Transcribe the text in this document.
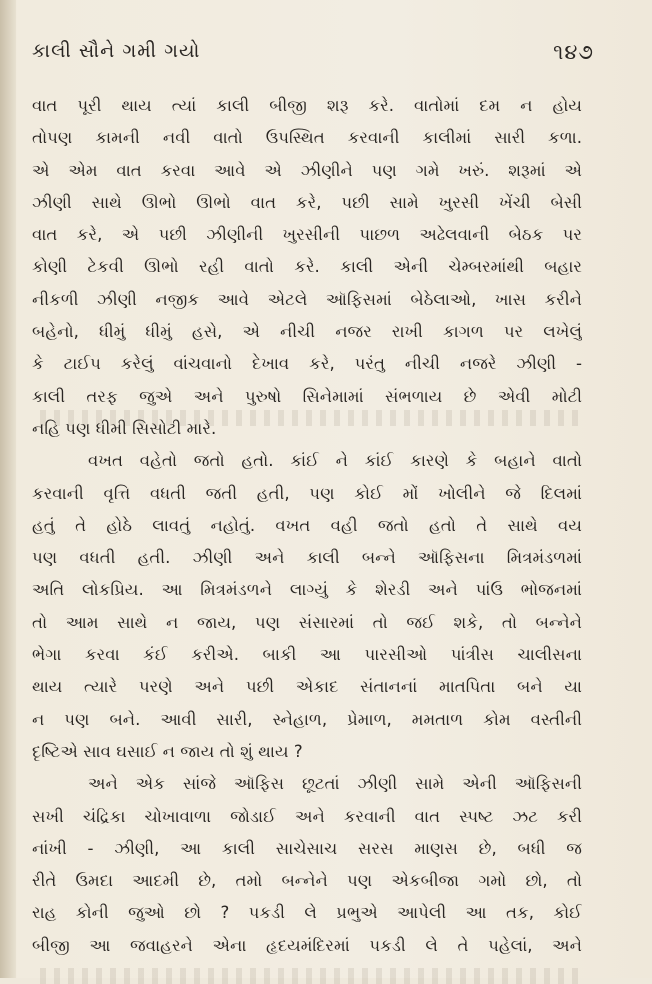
કાલી સૌને ગમી ગયો	૧૪૭
વાત પૂરી થાય ત્યાં કાલી બીજી શરૂ કરે. વાતોમાં દમ ન હોય
તોપણ કામની નવી વાતો ઉપસ્થિત કરવાની કાલીમાં સારી કળા.
એ એમ વાત કરવા આવે એ ઝીણીને પણ ગમે ખરું. શરૂમાં એ
ઝીણી સાથે ઊભો ઊભો વાત કરે, પછી સામે ખુરસી ખેંચી બેસી
વાત કરે, એ પછી ઝીણીની ખુરસીની પાછળ અઢેલવાની બેઠક પર
કોણી ટેકવી ઊભો રહી વાતો કરે. કાલી એની ચેમ્બરમાંથી બહાર
નીકળી ઝીણી નજીક આવે એટલે ઑફિસમાં બેઠેલાઓ, ખાસ કરીને
બહેનો, ધીમું ધીમું હસે, એ નીચી નજર રાખી કાગળ પર લખેલું
કે ટાઈપ કરેલું વાંચવાનો દેખાવ કરે, પરંતુ નીચી નજરે ઝીણી -
કાલી તરફ જુએ અને પુરુષો સિનેમામાં સંભળાય છે એવી મોટી
નહિ પણ ધીમી સિસોટી મારે.
વખત વહેતો જતો હતો. કાંઈ ને કાંઈ કારણે કે બહાને વાતો
કરવાની વૃત્તિ વધતી જતી હતી, પણ કોઈ મોં ખોલીને જે દિલમાં
હતું તે હોઠે લાવતું નહોતું. વખત વહી જતો હતો તે સાથે વય
પણ વધતી હતી. ઝીણી અને કાલી બન્ને ઑફિસના મિત્રમંડળમાં
અતિ લોકપ્રિય. આ મિત્રમંડળને લાગ્યું કે શેરડી અને પાંઉ ભોજનમાં
તો આમ સાથે ન જાય, પણ સંસારમાં તો જઈ શકે, તો બન્નેને
ભેગા કરવા કંઈ કરીએ. બાકી આ પારસીઓ પાંત્રીસ ચાલીસના
થાય ત્યારે પરણે અને પછી એકાદ સંતાનનાં માતપિતા બને યા
ન પણ બને. આવી સારી, સ્નેહાળ, પ્રેમાળ, મમતાળ કોમ વસ્તીની
દૃષ્ટિએ સાવ ઘસાઈ ન જાય તો શું થાય ?
અને એક સાંજે ઑફિસ છૂટતાં ઝીણી સામે એની ઑફિસની
સખી ચંદ્રિકા ચોખાવાળા જોડાઈ અને કરવાની વાત સ્પષ્ટ ઝટ કરી
નાંખી - ઝીણી, આ કાલી સાચેસાચ સરસ માણસ છે, બધી જ
રીતે ઉમદા આદમી છે, તમો બન્નેને પણ એકબીજા ગમો છો, તો
રાહ કોની જુઓ છો ? પકડી લે પ્રભુએ આપેલી આ તક, કોઈ
બીજી આ જવાહરને એના હૃદયમંદિરમાં પકડી લે તે પહેલાં, અને
